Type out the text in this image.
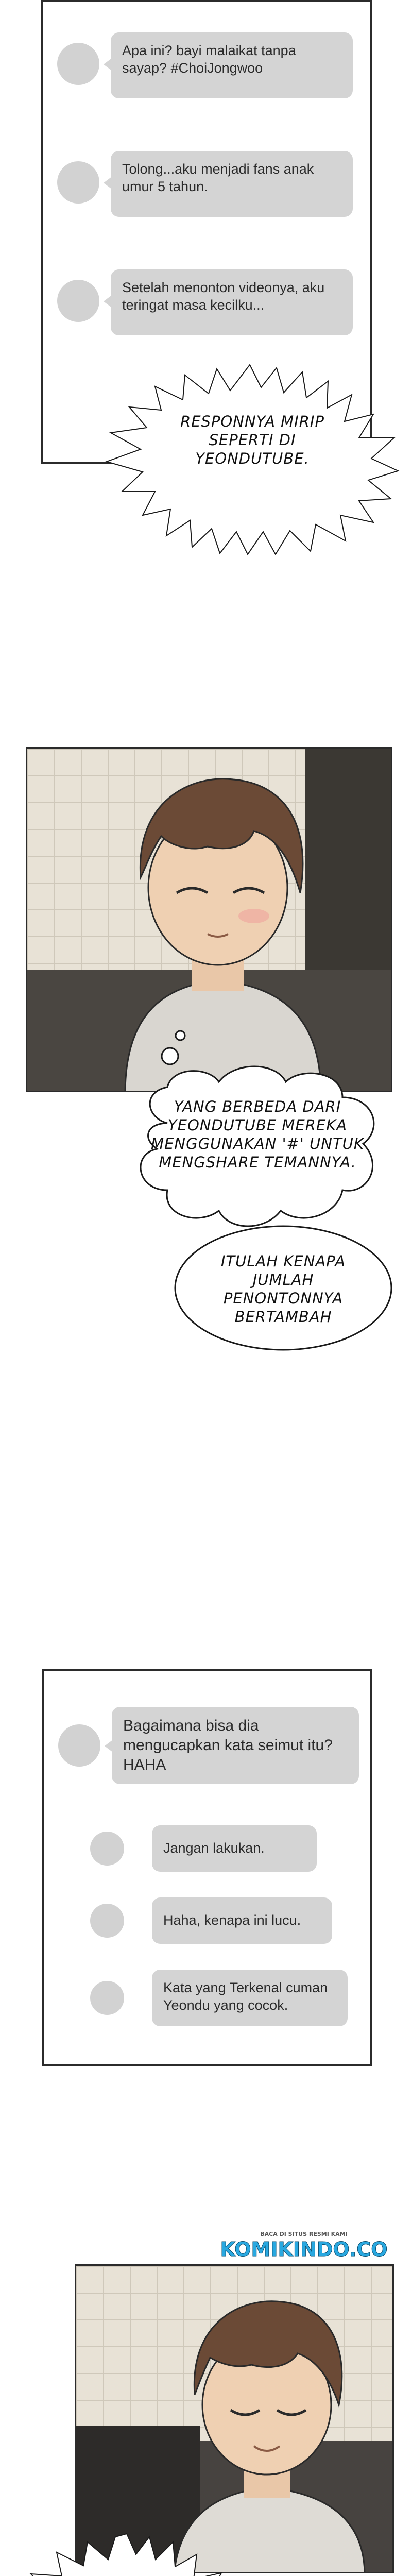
Apa ini? bayi malaikat tanpa sayap? #ChoiJongwoo
Tolong...aku menjadi fans anak umur 5 tahun.
Setelah menonton videonya, aku teringat masa kecilku...
RESPONNYA MIRIP SEPERTI DI YEONDUTUBE.
YANG BERBEDA DARI YEONDUTUBE MEREKA MENGGUNAKAN '#' UNTUK MENGSHARE TEMANNYA.
ITULAH KENAPA JUMLAH PENONTONNYA BERTAMBAH
Bagaimana bisa dia mengucapkan kata seimut itu? HAHA
Jangan lakukan.
Haha, kenapa ini lucu.
Kata yang Terkenal cuman Yeondu yang cocok.
BACA DI SITUS RESMI KAMI
KOMIKINDO.CO
